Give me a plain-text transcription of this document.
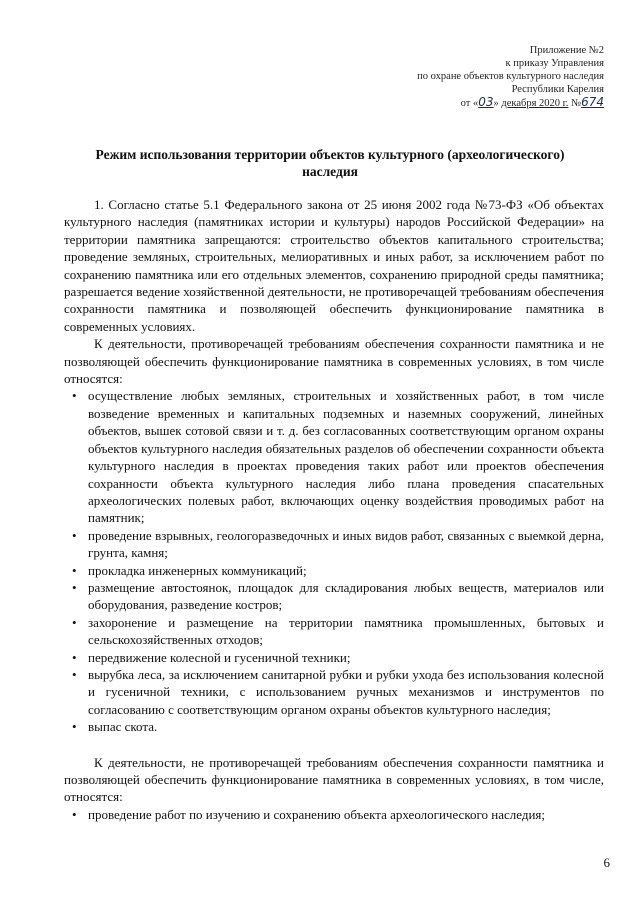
Приложение №2
к приказу Управления
по охране объектов культурного наследия
Республики Карелия
от «03» декабря 2020 г. №674
Режим использования территории объектов культурного (археологического) наследия

1. Согласно статье 5.1 Федерального закона от 25 июня 2002 года №73-ФЗ «Об объектах культурного наследия (памятниках истории и культуры) народов Российской Федерации» на территории памятника запрещаются: строительство объектов капитального строительства; проведение земляных, строительных, мелиоративных и иных работ, за исключением работ по сохранению памятника или его отдельных элементов, сохранению природной среды памятника; разрешается ведение хозяйственной деятельности, не противоречащей требованиям обеспечения сохранности памятника и позволяющей обеспечить функционирование памятника в современных условиях.

К деятельности, противоречащей требованиям обеспечения сохранности памятника и не позволяющей обеспечить функционирование памятника в современных условиях, в том числе относятся:

• осуществление любых земляных, строительных и хозяйственных работ, в том числе возведение временных и капитальных подземных и наземных сооружений, линейных объектов, вышек сотовой связи и т. д. без согласованных соответствующим органом охраны объектов культурного наследия обязательных разделов об обеспечении сохранности объекта культурного наследия в проектах проведения таких работ или проектов обеспечения сохранности объекта культурного наследия либо плана проведения спасательных археологических полевых работ, включающих оценку воздействия проводимых работ на памятник;
• проведение взрывных, геологоразведочных и иных видов работ, связанных с выемкой дерна, грунта, камня;
• прокладка инженерных коммуникаций;
• размещение автостоянок, площадок для складирования любых веществ, материалов или оборудования, разведение костров;
• захоронение и размещение на территории памятника промышленных, бытовых и сельскохозяйственных отходов;
• передвижение колесной и гусеничной техники;
• вырубка леса, за исключением санитарной рубки и рубки ухода без использования колесной и гусеничной техники, с использованием ручных механизмов и инструментов по согласованию с соответствующим органом охраны объектов культурного наследия;
• выпас скота.

К деятельности, не противоречащей требованиям обеспечения сохранности памятника и позволяющей обеспечить функционирование памятника в современных условиях, в том числе, относятся:

• проведение работ по изучению и сохранению объекта археологического наследия;
6
